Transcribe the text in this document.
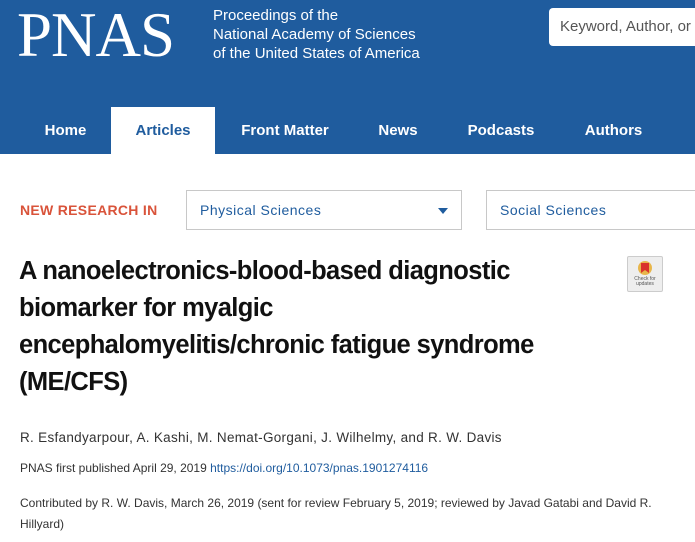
PNAS	Proceedings of the
National Academy of Sciences
of the United States of America
Keyword, Author, or DOI
Home	Articles	Front Matter	News	Podcasts	Authors
NEW RESEARCH IN	Physical Sciences	Social Sciences
A nanoelectronics-blood-based diagnostic
biomarker for myalgic
encephalomyelitis/chronic fatigue syndrome
(ME/CFS)
Check for updates
R. Esfandyarpour, A. Kashi, M. Nemat-Gorgani, J. Wilhelmy, and R. W. Davis
PNAS first published April 29, 2019 https://doi.org/10.1073/pnas.1901274116
Contributed by R. W. Davis, March 26, 2019 (sent for review February 5, 2019; reviewed by Javad Gatabi and David R.
Hillyard)
